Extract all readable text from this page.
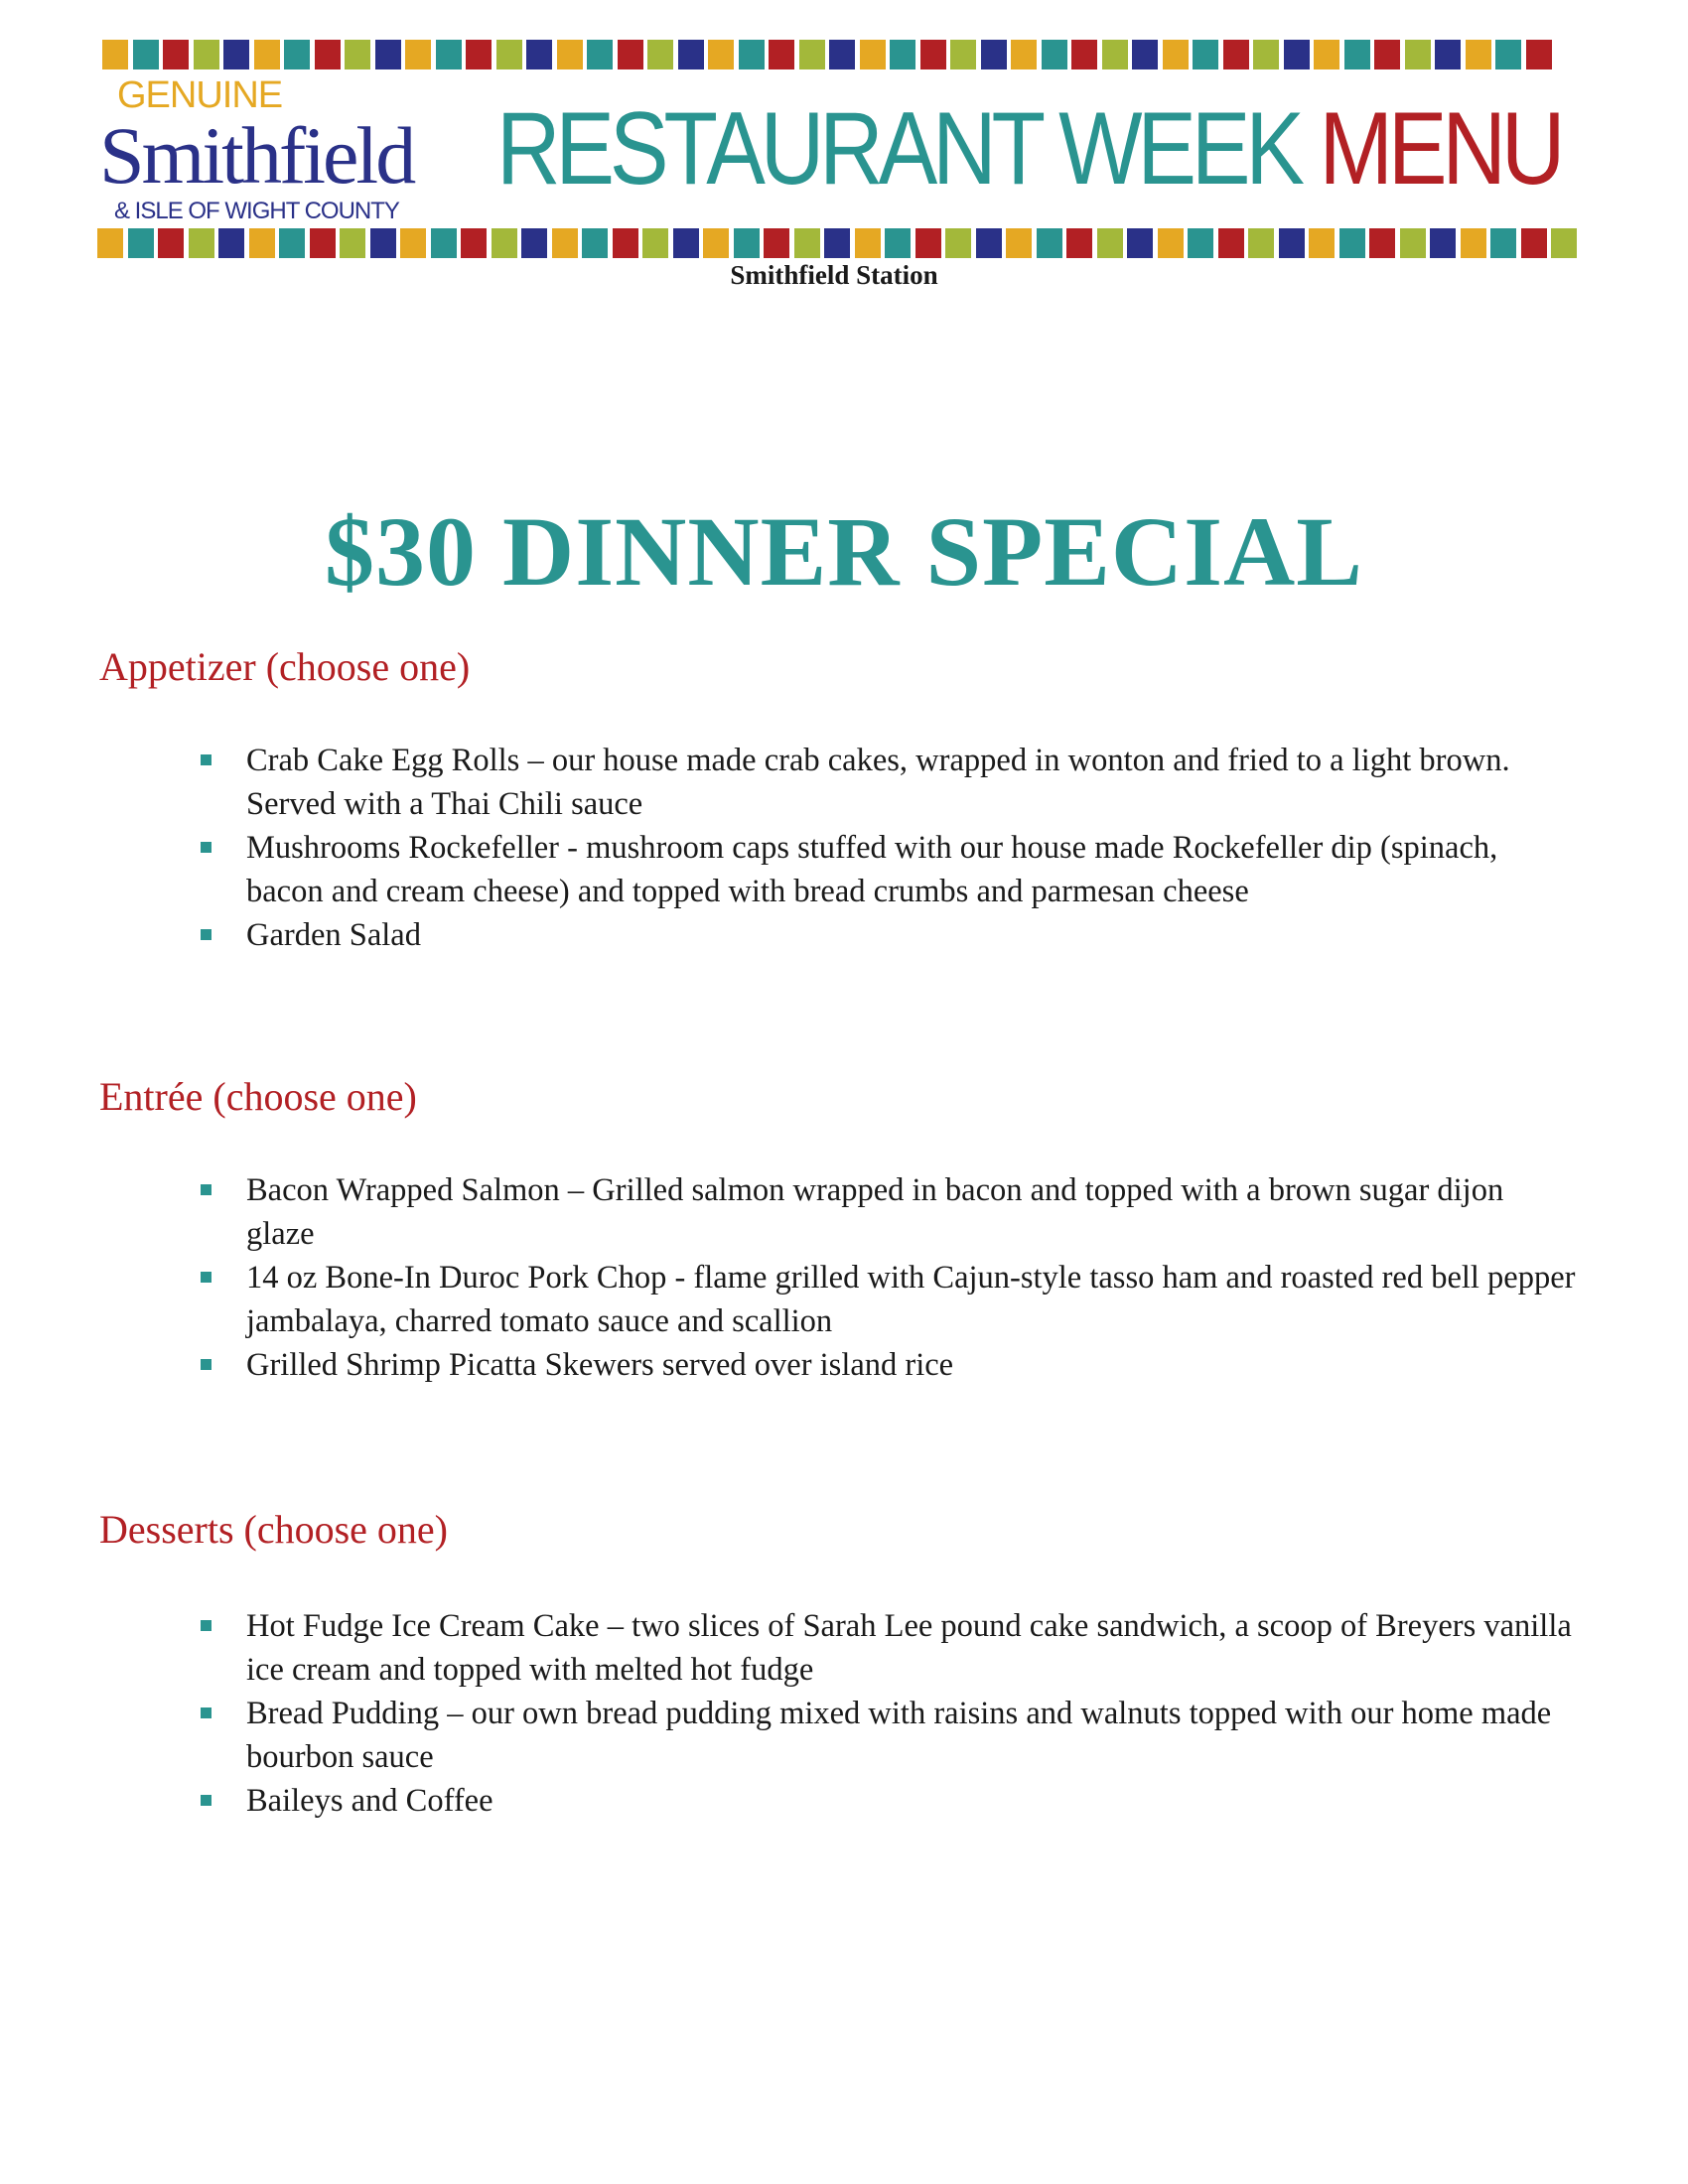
GENUINE
Smithfield
& ISLE OF WIGHT COUNTY
RESTAURANT WEEK MENU
Smithfield Station
$30 DINNER SPECIAL
Appetizer (choose one)
Crab Cake Egg Rolls – our house made crab cakes, wrapped in wonton and fried to a light brown. Served with a Thai Chili sauce
Mushrooms Rockefeller - mushroom caps stuffed with our house made Rockefeller dip (spinach, bacon and cream cheese) and topped with bread crumbs and parmesan cheese
Garden Salad
Entrée (choose one)
Bacon Wrapped Salmon – Grilled salmon wrapped in bacon and topped with a brown sugar dijon glaze
14 oz Bone-In Duroc Pork Chop - flame grilled with Cajun-style tasso ham and roasted red bell pepper jambalaya, charred tomato sauce and scallion
Grilled Shrimp Picatta Skewers served over island rice
Desserts (choose one)
Hot Fudge Ice Cream Cake – two slices of Sarah Lee pound cake sandwich, a scoop of Breyers vanilla ice cream and topped with melted hot fudge
Bread Pudding – our own bread pudding mixed with raisins and walnuts topped with our home made bourbon sauce
Baileys and Coffee
